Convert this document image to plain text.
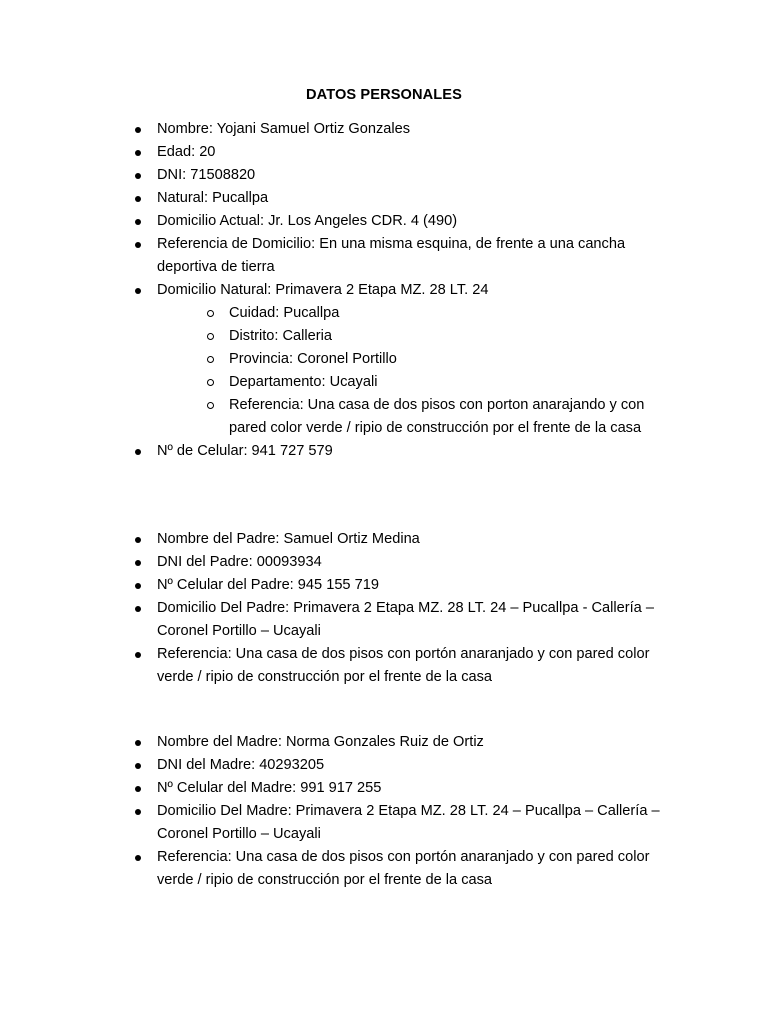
DATOS PERSONALES
Nombre: Yojani Samuel Ortiz Gonzales
Edad: 20
DNI: 71508820
Natural: Pucallpa
Domicilio Actual: Jr. Los Angeles CDR. 4 (490)
Referencia de Domicilio: En una misma esquina, de frente a una cancha deportiva de tierra
Domicilio Natural: Primavera 2 Etapa MZ. 28 LT. 24
Cuidad: Pucallpa
Distrito: Calleria
Provincia: Coronel Portillo
Departamento: Ucayali
Referencia: Una casa de dos pisos con porton anarajando y con pared color verde / ripio de construcción por el frente de la casa
Nº de Celular: 941 727 579
Nombre del Padre: Samuel Ortiz Medina
DNI del Padre: 00093934
Nº Celular del Padre: 945 155 719
Domicilio Del Padre: Primavera 2 Etapa MZ. 28 LT. 24 – Pucallpa - Callería – Coronel Portillo – Ucayali
Referencia: Una casa de dos pisos con portón anaranjado y con pared color verde / ripio de construcción por el frente de la casa
Nombre del Madre: Norma Gonzales Ruiz de Ortiz
DNI del Madre: 40293205
Nº Celular del Madre: 991 917 255
Domicilio Del Madre: Primavera 2 Etapa MZ. 28 LT. 24 – Pucallpa – Callería – Coronel Portillo – Ucayali
Referencia: Una casa de dos pisos con portón anaranjado y con pared color verde / ripio de construcción por el frente de la casa
